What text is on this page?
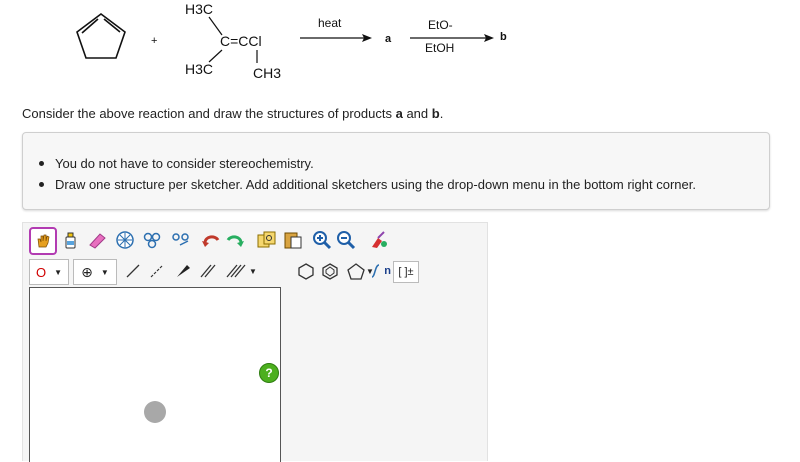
+
H3C
C=CCl
H3C	CH3
heat
a
EtO-
EtOH
b
Consider the above reaction and draw the structures of products a and b.
You do not have to consider stereochemistry.
Draw one structure per sketcher. Add additional sketchers using the drop-down menu in the bottom right corner.
O ▼ ⊕ ▼	▼	▼ n [ ]±
?
